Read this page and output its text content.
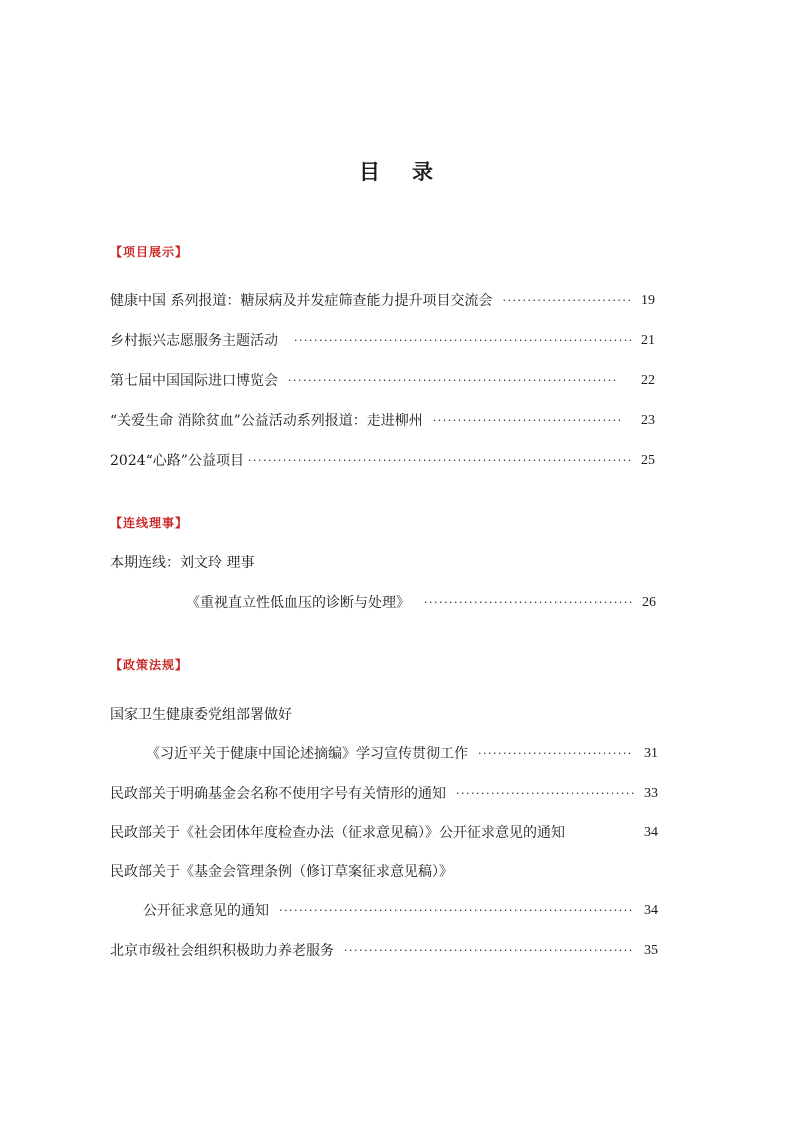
目 录
【项目展示】
健康中国 系列报道：糖尿病及并发症筛查能力提升项目交流会 ·····	19
乡村振兴志愿服务主题活动 ·····	21
第七届中国国际进口博览会 ·····	22
“关爱生命 消除贫血”公益活动系列报道：走进柳州 ·····	23
2024“心路”公益项目 ·····	25
【连线理事】
本期连线：刘文玲 理事
《重视直立性低血压的诊断与处理》 ·····	26
【政策法规】
国家卫生健康委党组部署做好
《习近平关于健康中国论述摘编》学习宣传贯彻工作 ·····	31
民政部关于明确基金会名称不使用字号有关情形的通知 ·····	33
民政部关于《社会团体年度检查办法（征求意见稿）》公开征求意见的通知	34
民政部关于《基金会管理条例（修订草案征求意见稿）》
公开征求意见的通知 ·····	34
北京市级社会组织积极助力养老服务 ·····	35
